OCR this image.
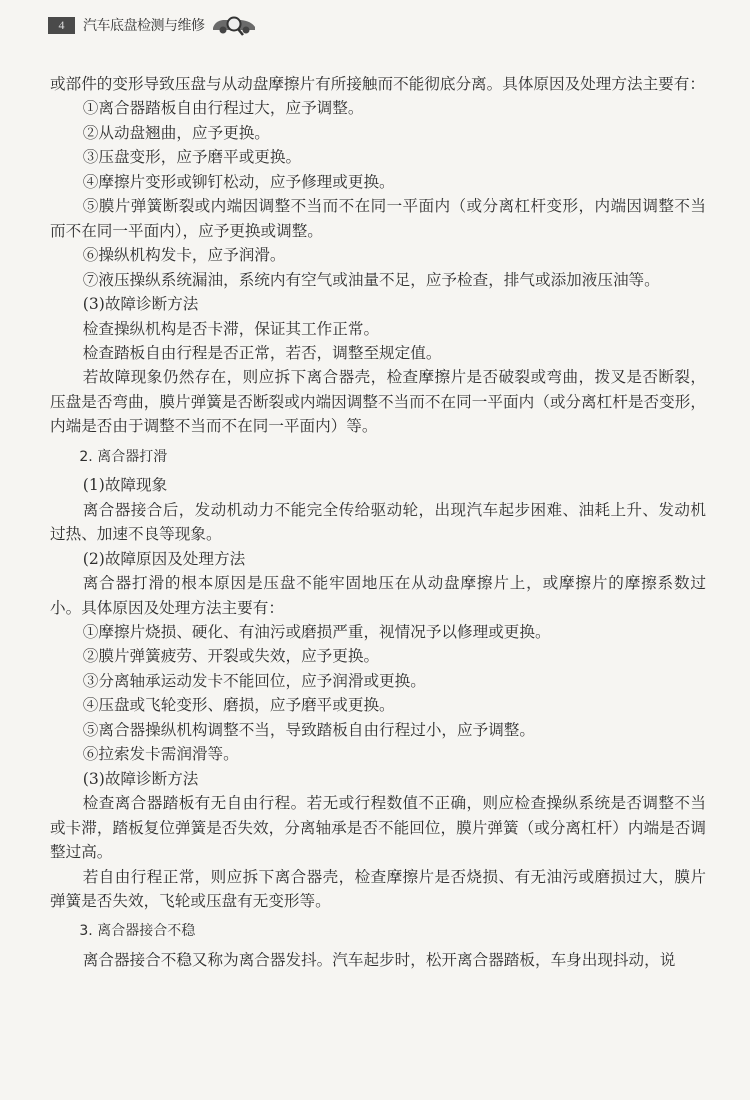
4	汽车底盘检测与维修

或部件的变形导致压盘与从动盘摩擦片有所接触而不能彻底分离。具体原因及处理方法主要有：

①离合器踏板自由行程过大，应予调整。

②从动盘翘曲，应予更换。

③压盘变形，应予磨平或更换。

④摩擦片变形或铆钉松动，应予修理或更换。

⑤膜片弹簧断裂或内端因调整不当而不在同一平面内（或分离杠杆变形，内端因调整不当而不在同一平面内），应予更换或调整。

⑥操纵机构发卡，应予润滑。

⑦液压操纵系统漏油，系统内有空气或油量不足，应予检查，排气或添加液压油等。

(3)故障诊断方法

检查操纵机构是否卡滞，保证其工作正常。

检查踏板自由行程是否正常，若否，调整至规定值。

若故障现象仍然存在，则应拆下离合器壳，检查摩擦片是否破裂或弯曲，拨叉是否断裂，压盘是否弯曲，膜片弹簧是否断裂或内端因调整不当而不在同一平面内（或分离杠杆是否变形，内端是否由于调整不当而不在同一平面内）等。

2. 离合器打滑

(1)故障现象

离合器接合后，发动机动力不能完全传给驱动轮，出现汽车起步困难、油耗上升、发动机过热、加速不良等现象。

(2)故障原因及处理方法

离合器打滑的根本原因是压盘不能牢固地压在从动盘摩擦片上，或摩擦片的摩擦系数过小。具体原因及处理方法主要有：

①摩擦片烧损、硬化、有油污或磨损严重，视情况予以修理或更换。

②膜片弹簧疲劳、开裂或失效，应予更换。

③分离轴承运动发卡不能回位，应予润滑或更换。

④压盘或飞轮变形、磨损，应予磨平或更换。

⑤离合器操纵机构调整不当，导致踏板自由行程过小，应予调整。

⑥拉索发卡需润滑等。

(3)故障诊断方法

检查离合器踏板有无自由行程。若无或行程数值不正确，则应检查操纵系统是否调整不当或卡滞，踏板复位弹簧是否失效，分离轴承是否不能回位，膜片弹簧（或分离杠杆）内端是否调整过高。

若自由行程正常，则应拆下离合器壳，检查摩擦片是否烧损、有无油污或磨损过大，膜片弹簧是否失效，飞轮或压盘有无变形等。

3. 离合器接合不稳

离合器接合不稳又称为离合器发抖。汽车起步时，松开离合器踏板，车身出现抖动，说
